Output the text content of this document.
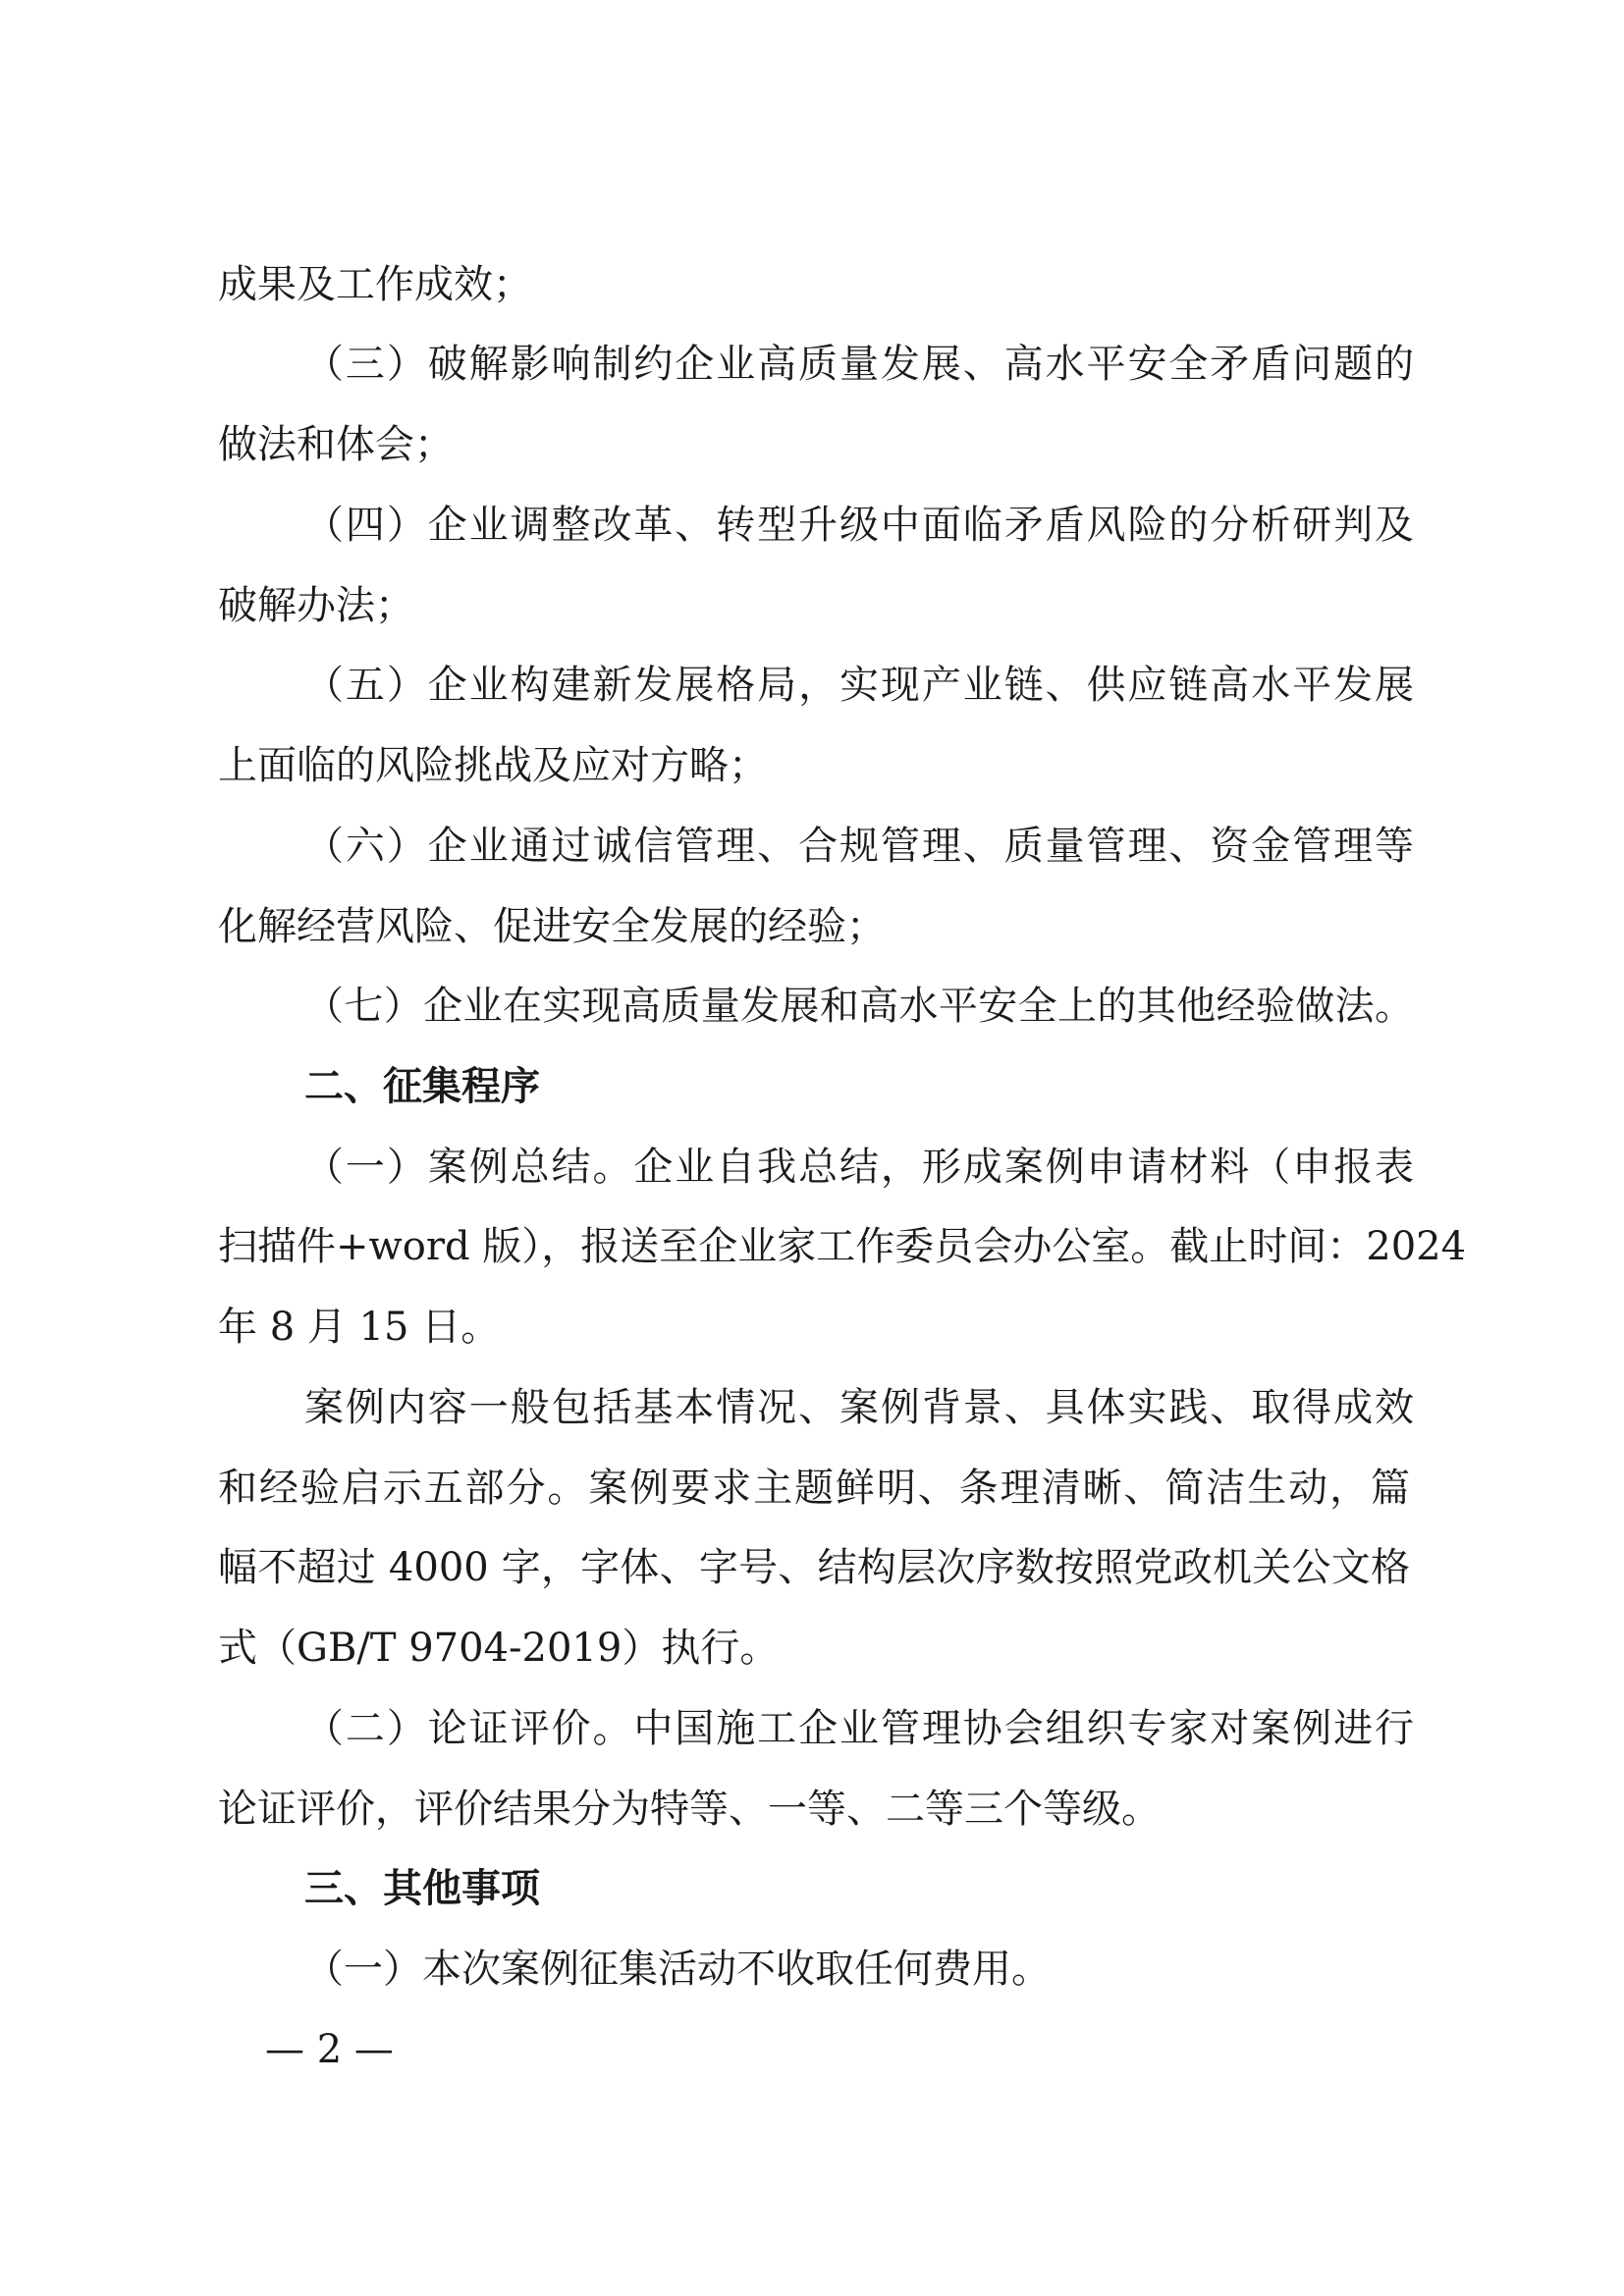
成果及工作成效；
（三）破解影响制约企业高质量发展、高水平安全矛盾问题的
做法和体会；
（四）企业调整改革、转型升级中面临矛盾风险的分析研判及
破解办法；
（五）企业构建新发展格局，实现产业链、供应链高水平发展
上面临的风险挑战及应对方略；
（六）企业通过诚信管理、合规管理、质量管理、资金管理等
化解经营风险、促进安全发展的经验；
（七）企业在实现高质量发展和高水平安全上的其他经验做法。
二、征集程序
（一）案例总结。企业自我总结，形成案例申请材料（申报表
扫描件+word 版），报送至企业家工作委员会办公室。截止时间：2024
年 8 月 15 日。
案例内容一般包括基本情况、案例背景、具体实践、取得成效
和经验启示五部分。案例要求主题鲜明、条理清晰、简洁生动，篇
幅不超过 4000 字，字体、字号、结构层次序数按照党政机关公文格
式（GB/T 9704-2019）执行。
（二）论证评价。中国施工企业管理协会组织专家对案例进行
论证评价，评价结果分为特等、一等、二等三个等级。
三、其他事项
（一）本次案例征集活动不收取任何费用。
— 2 —
